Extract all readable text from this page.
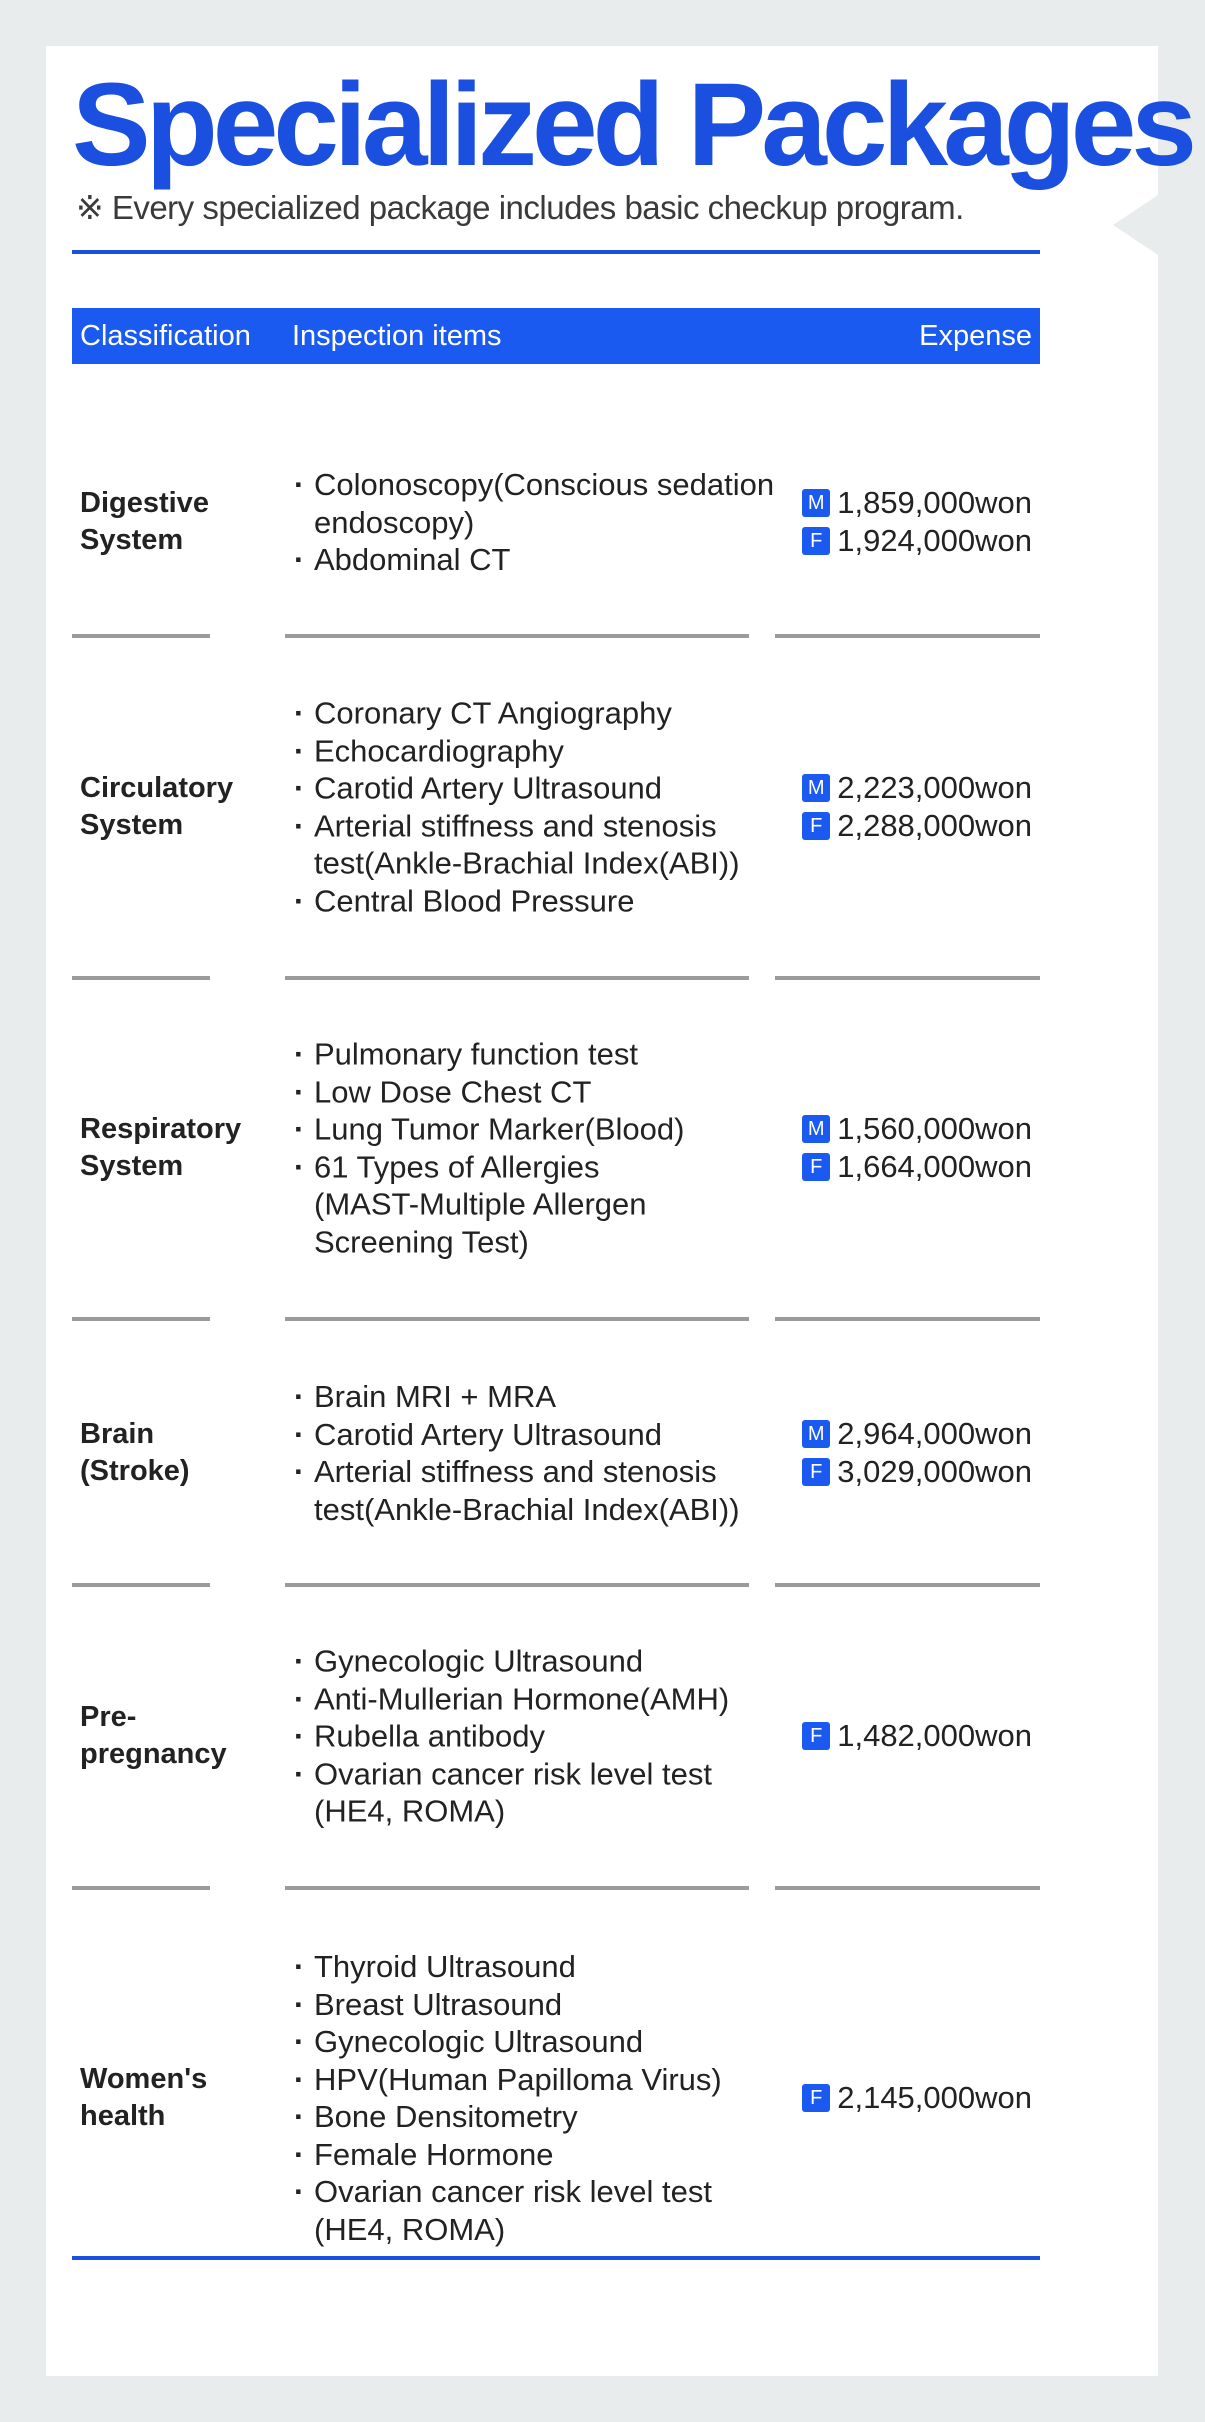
Specialized Packages
※ Every specialized package includes basic checkup program.
Classification Inspection items	Expense
Digestive
System
· Colonoscopy(Conscious sedation
endoscopy)
· Abdominal CT
M 1,859,000won
F 1,924,000won
Circulatory
System
· Coronary CT Angiography
· Echocardiography
· Carotid Artery Ultrasound
· Arterial stiffness and stenosis
test(Ankle-Brachial Index(ABI))
· Central Blood Pressure
M 2,223,000won
F 2,288,000won
Respiratory
System
· Pulmonary function test
· Low Dose Chest CT
· Lung Tumor Marker(Blood)
· 61 Types of Allergies
(MAST-Multiple Allergen
Screening Test)
M 1,560,000won
F 1,664,000won
Brain
(Stroke)
· Brain MRI + MRA
· Carotid Artery Ultrasound
· Arterial stiffness and stenosis
test(Ankle-Brachial Index(ABI))
M 2,964,000won
F 3,029,000won
Pre-
pregnancy
· Gynecologic Ultrasound
· Anti-Mullerian Hormone(AMH)
· Rubella antibody
· Ovarian cancer risk level test
(HE4, ROMA)
F 1,482,000won
Women's
health
· Thyroid Ultrasound
· Breast Ultrasound
· Gynecologic Ultrasound
· HPV(Human Papilloma Virus)
· Bone Densitometry
· Female Hormone
· Ovarian cancer risk level test
(HE4, ROMA)
F 2,145,000won
